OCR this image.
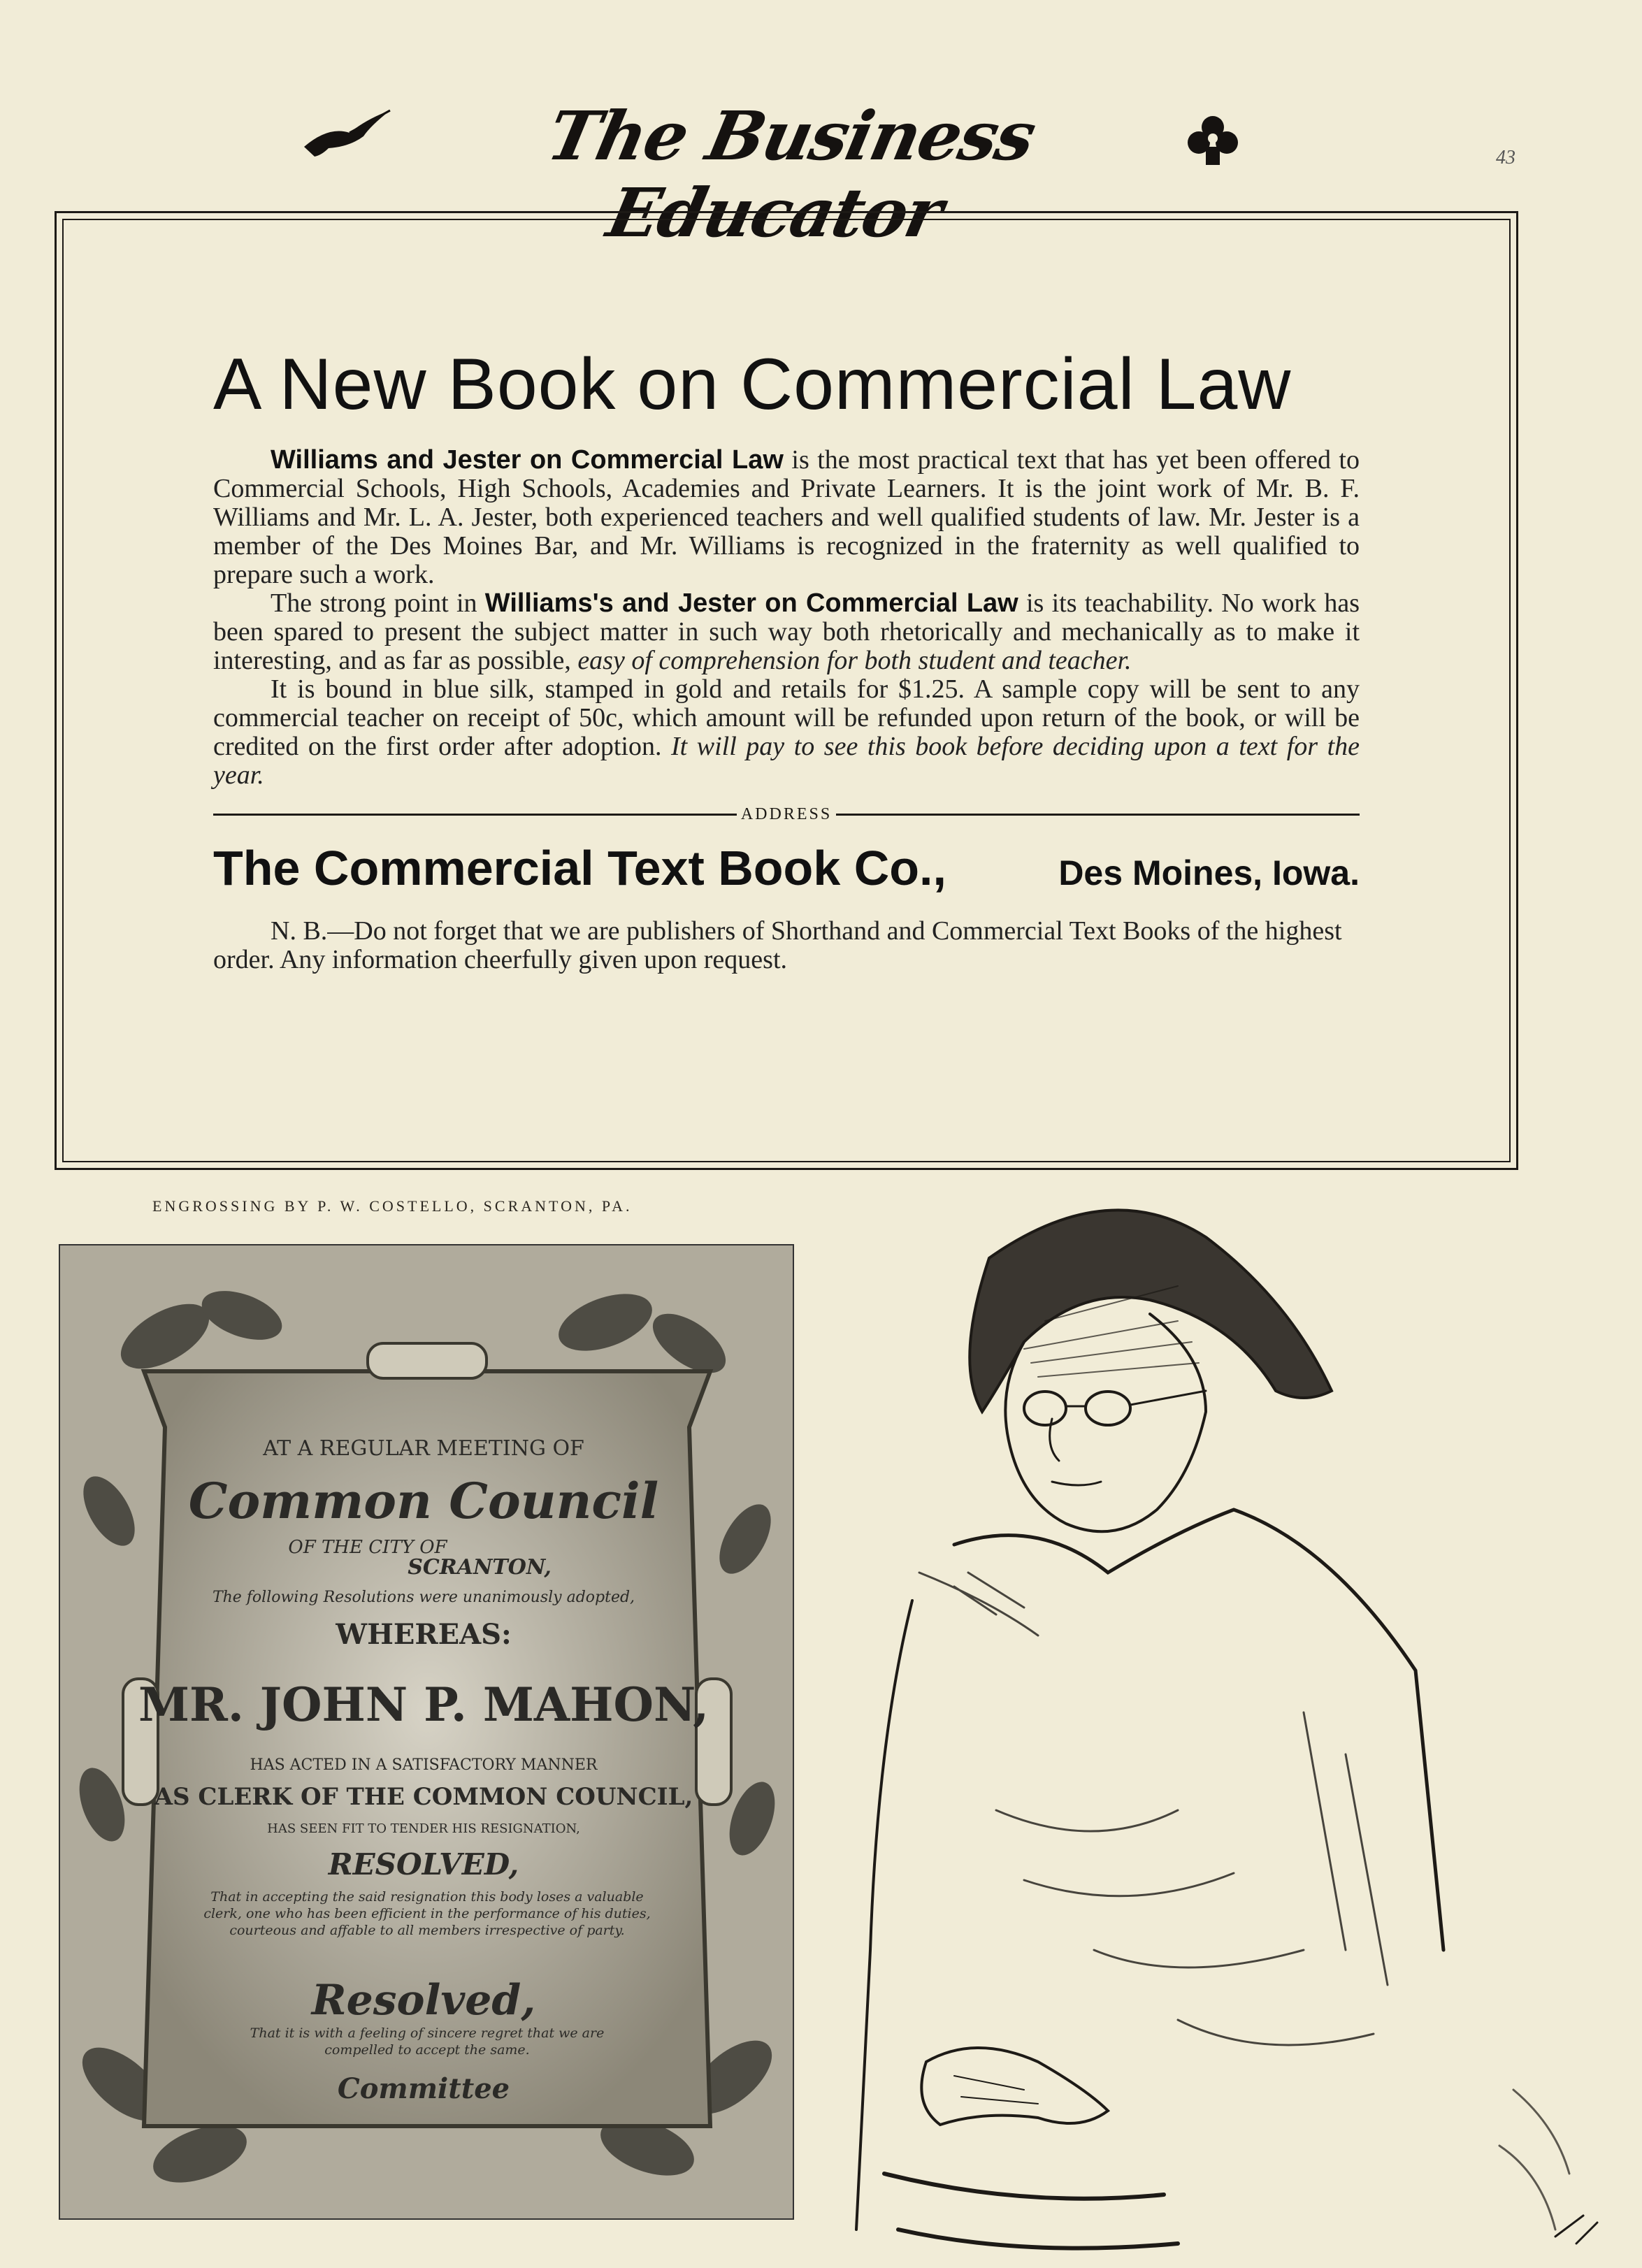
The Business Educator
43
A New Book on Commercial Law

Williams and Jester on Commercial Law is the most practical text that has yet been offered to Commercial Schools, High Schools, Academies and Private Learners. It is the joint work of Mr. B. F. Williams and Mr. L. A. Jester, both experienced teachers and well qualified students of law. Mr. Jester is a member of the Des Moines Bar, and Mr. Williams is recognized in the fraternity as well qualified to prepare such a work.

The strong point in Williams's and Jester on Commercial Law is its teachability. No work has been spared to present the subject matter in such way both rhetorically and mechanically as to make it interesting, and as far as possible, easy of comprehension for both student and teacher.

It is bound in blue silk, stamped in gold and retails for $1.25. A sample copy will be sent to any commercial teacher on receipt of 50c, which amount will be refunded upon return of the book, or will be credited on the first order after adoption. It will pay to see this book before deciding upon a text for the year.

ADDRESS
The Commercial Text Book Co.,	Des Moines, Iowa.

N. B.—Do not forget that we are publishers of Shorthand and Commercial Text Books of the highest order. Any information cheerfully given upon request.

ENGROSSING BY P. W. COSTELLO, SCRANTON, PA.
AT A REGULAR MEETING OF
Common Council
OF THE CITY OF
SCRANTON,
The following Resolutions were unanimously adopted,
WHEREAS:
MR. JOHN P. MAHON,
HAS ACTED IN A SATISFACTORY MANNER
AS CLERK OF THE COMMON COUNCIL,
HAS SEEN FIT TO TENDER HIS RESIGNATION,
RESOLVED,
That in accepting the said resignation this body loses a valuable clerk, one who has been efficient in the performance of his duties, courteous and affable to all members irrespective of party.
Resolved,
That it is with a feeling of sincere regret that we are compelled to accept the same.
Committee
